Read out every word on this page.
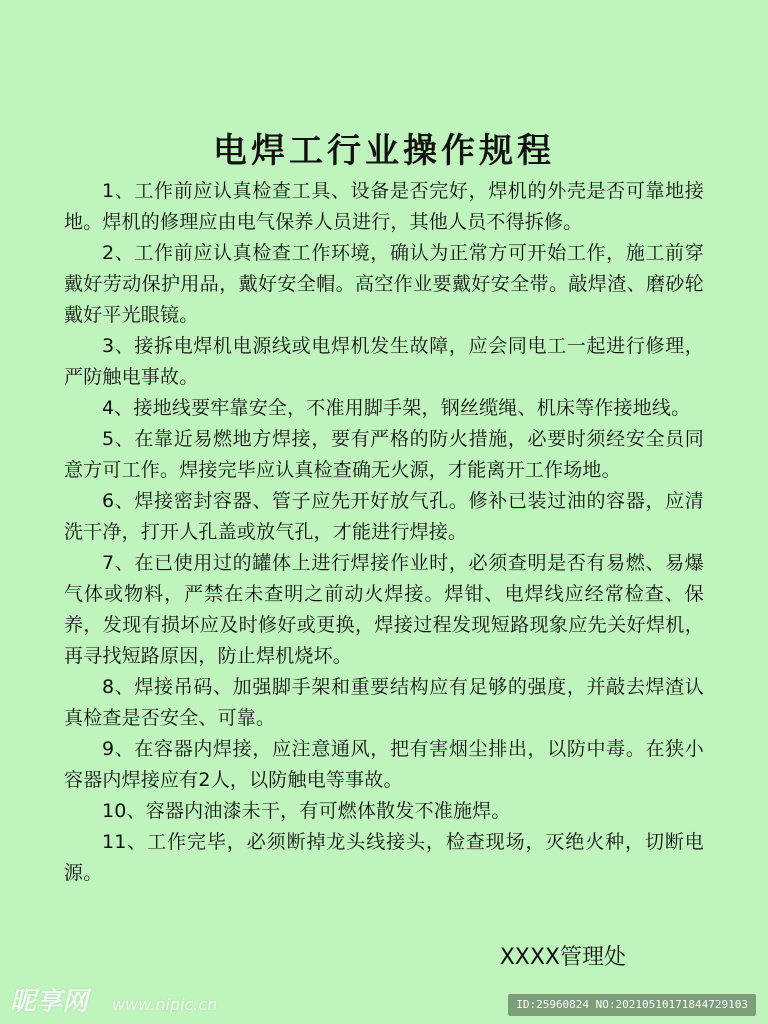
电焊工行业操作规程
1、工作前应认真检查工具、设备是否完好，焊机的外壳是否可靠地接地。焊机的修理应由电气保养人员进行，其他人员不得拆修。
2、工作前应认真检查工作环境，确认为正常方可开始工作，施工前穿戴好劳动保护用品，戴好安全帽。高空作业要戴好安全带。敲焊渣、磨砂轮戴好平光眼镜。
3、接拆电焊机电源线或电焊机发生故障，应会同电工一起进行修理，严防触电事故。
4、接地线要牢靠安全，不准用脚手架，钢丝缆绳、机床等作接地线。
5、在靠近易燃地方焊接，要有严格的防火措施，必要时须经安全员同意方可工作。焊接完毕应认真检查确无火源，才能离开工作场地。
6、焊接密封容器、管子应先开好放气孔。修补已装过油的容器，应清洗干净，打开人孔盖或放气孔，才能进行焊接。
7、在已使用过的罐体上进行焊接作业时，必须查明是否有易燃、易爆气体或物料，严禁在未查明之前动火焊接。焊钳、电焊线应经常检查、保养，发现有损坏应及时修好或更换，焊接过程发现短路现象应先关好焊机，再寻找短路原因，防止焊机烧坏。
8、焊接吊码、加强脚手架和重要结构应有足够的强度，并敲去焊渣认真检查是否安全、可靠。
9、在容器内焊接，应注意通风，把有害烟尘排出，以防中毒。在狭小容器内焊接应有2人，以防触电等事故。
10、容器内油漆未干，有可燃体散发不准施焊。
11、工作完毕，必须断掉龙头线接头，检查现场，灭绝火种，切断电源。
XXXX管理处
昵享网 www.nipic.cn	ID:25960824 NO:20210510171844729103
